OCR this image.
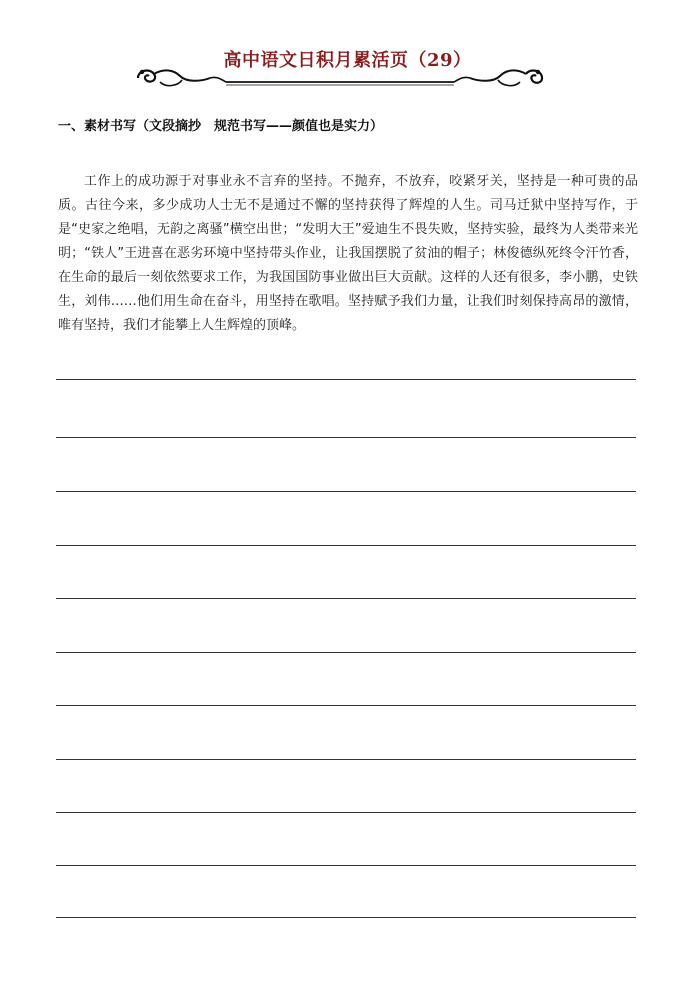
高中语文日积月累活页（29）
一、素材书写（文段摘抄　规范书写——颜值也是实力）
工作上的成功源于对事业永不言弃的坚持。不抛弃，不放弃，咬紧牙关，坚持是一种可贵的品质。古往今来，多少成功人士无不是通过不懈的坚持获得了辉煌的人生。司马迁狱中坚持写作，于是“史家之绝唱，无韵之离骚”横空出世；“发明大王”爱迪生不畏失败，坚持实验，最终为人类带来光明；“铁人”王进喜在恶劣环境中坚持带头作业，让我国摆脱了贫油的帽子；林俊德纵死终令汗竹香，在生命的最后一刻依然要求工作，为我国国防事业做出巨大贡献。这样的人还有很多，李小鹏，史铁生，刘伟……他们用生命在奋斗，用坚持在歌唱。坚持赋予我们力量，让我们时刻保持高昂的激情，唯有坚持，我们才能攀上人生辉煌的顶峰。
